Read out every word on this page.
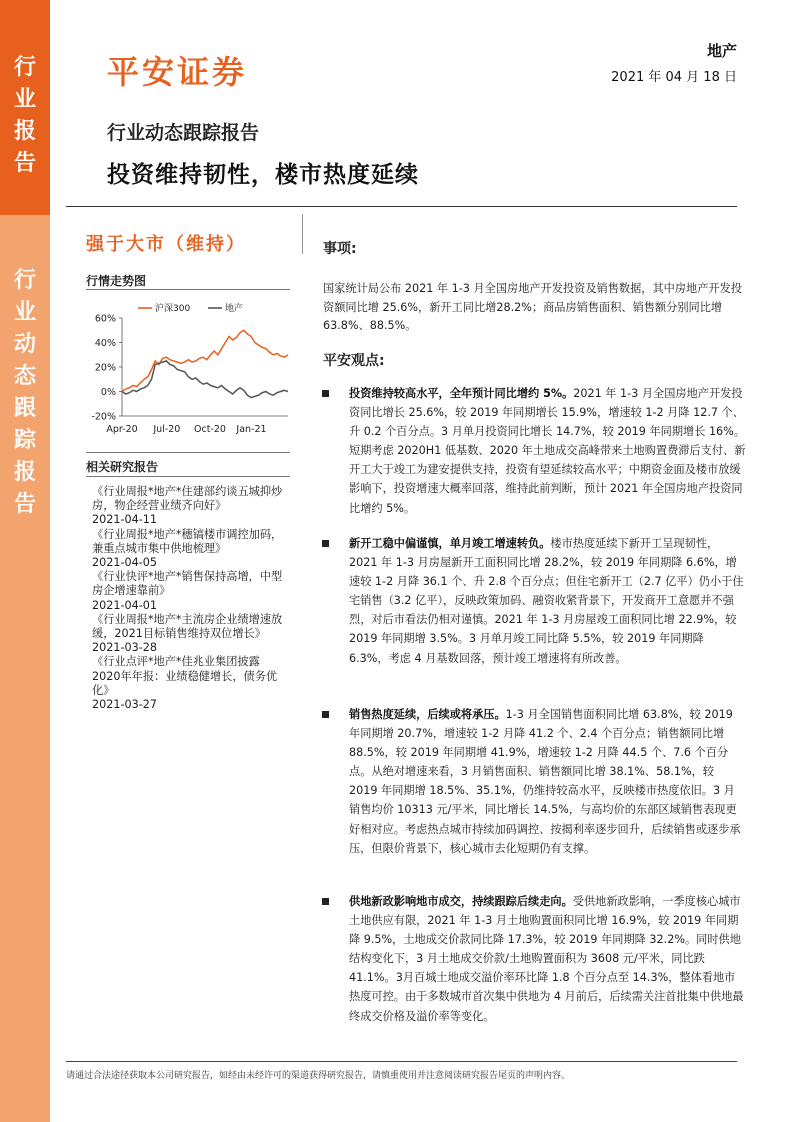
行
业
报
告
行
业
动
态
跟
踪
报
告
平安证券
地产
2021 年 04 月 18 日
行业动态跟踪报告
投资维持韧性，楼市热度延续
强于大市（维持）
行情走势图
60%
40%
20%
0%
-20%
Apr-20 Jul-20 Oct-20 Jan-21
沪深300	地产
相关研究报告
《行业周报*地产*住建部约谈五城抑炒房，物企经营业绩齐向好》
2021-04-11
《行业周报*地产*穗镐楼市调控加码，兼重点城市集中供地梳理》
2021-04-05
《行业快评*地产*销售保持高增，中型房企增速靠前》
2021-04-01
《行业周报*地产*主流房企业绩增速放缓，2021目标销售维持双位增长》
2021-03-28
《行业点评*地产*佳兆业集团披露2020年年报：业绩稳健增长，债务优化》
2021-03-27
事项:
国家统计局公布 2021 年 1-3 月全国房地产开发投资及销售数据，其中房地产开发投资额同比增 25.6%，新开工同比增28.2%；商品房销售面积、销售额分别同比增 63.8%、88.5%。
平安观点:
投资维持较高水平，全年预计同比增约 5%。2021 年 1-3 月全国房地产开发投资同比增长 25.6%，较 2019 年同期增长 15.9%，增速较 1-2 月降 12.7 个、升 0.2 个百分点。3 月单月投资同比增长 14.7%，较 2019 年同期增长 16%。短期考虑 2020H1 低基数、2020 年土地成交高峰带来土地购置费滞后支付、新开工大于竣工为建安提供支持，投资有望延续较高水平；中期资金面及楼市放缓影响下，投资增速大概率回落，维持此前判断，预计 2021 年全国房地产投资同比增约 5%。
新开工稳中偏谨慎，单月竣工增速转负。楼市热度延续下新开工呈现韧性，2021 年 1-3 月房屋新开工面积同比增 28.2%，较 2019 年同期降 6.6%，增速较 1-2 月降 36.1 个、升 2.8 个百分点；但住宅新开工（2.7 亿平）仍小于住宅销售（3.2 亿平），反映政策加码、融资收紧背景下，开发商开工意愿并不强烈，对后市看法仍相对谨慎。2021 年 1-3 月房屋竣工面积同比增 22.9%，较 2019 年同期增 3.5%。3 月单月竣工同比降 5.5%，较 2019 年同期降 6.3%，考虑 4 月基数回落，预计竣工增速将有所改善。
销售热度延续，后续或将承压。1-3 月全国销售面积同比增 63.8%，较 2019 年同期增 20.7%，增速较 1-2 月降 41.2 个、2.4 个百分点；销售额同比增 88.5%，较 2019 年同期增 41.9%，增速较 1-2 月降 44.5 个、7.6 个百分点。从绝对增速来看，3 月销售面积、销售额同比增 38.1%、58.1%，较 2019 年同期增 18.5%、35.1%，仍维持较高水平，反映楼市热度依旧。3 月销售均价 10313 元/平米，同比增长 14.5%，与高均价的东部区域销售表现更好相对应。考虑热点城市持续加码调控、按揭利率逐步回升，后续销售或逐步承压，但限价背景下，核心城市去化短期仍有支撑。
供地新政影响地市成交，持续跟踪后续走向。受供地新政影响，一季度核心城市土地供应有限，2021 年 1-3 月土地购置面积同比增 16.9%，较 2019 年同期降 9.5%，土地成交价款同比降 17.3%，较 2019 年同期降 32.2%。同时供地结构变化下，3 月土地成交价款/土地购置面积为 3608 元/平米，同比跌 41.1%。3月百城土地成交溢价率环比降 1.8 个百分点至 14.3%，整体看地市热度可控。由于多数城市首次集中供地为 4 月前后，后续需关注首批集中供地最终成交价格及溢价率等变化。
请通过合法途径获取本公司研究报告，如经由未经许可的渠道获得研究报告，请慎重使用并注意阅读研究报告尾页的声明内容。
